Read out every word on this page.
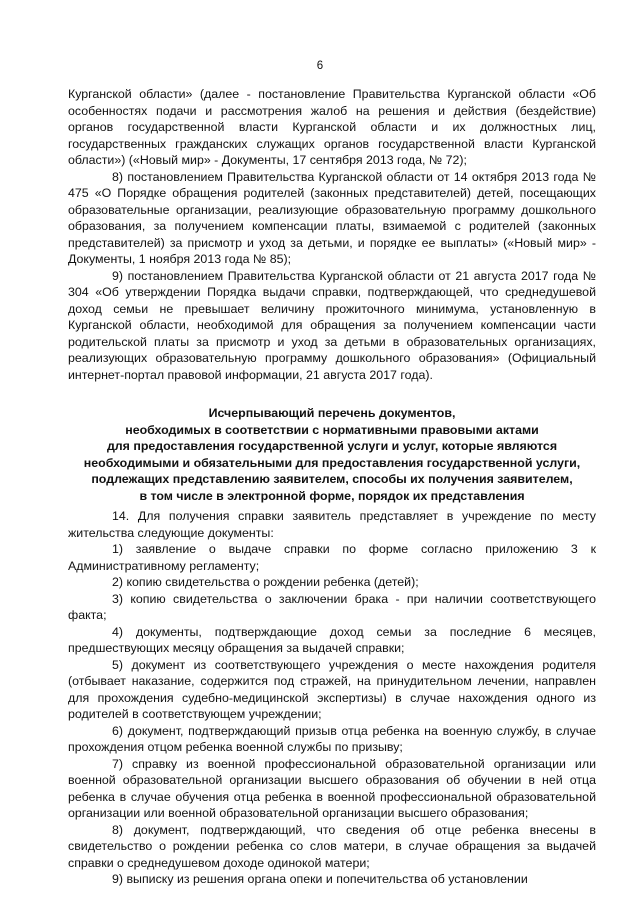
6

Курганской области» (далее - постановление Правительства Курганской области «Об особенностях подачи и рассмотрения жалоб на решения и действия (бездействие) органов государственной власти Курганской области и их должностных лиц, государственных гражданских служащих органов государственной власти Курганской области») («Новый мир» - Документы, 17 сентября 2013 года, № 72);

8) постановлением Правительства Курганской области от 14 октября 2013 года № 475 «О Порядке обращения родителей (законных представителей) детей, посещающих образовательные организации, реализующие образовательную программу дошкольного образования, за получением компенсации платы, взимаемой с родителей (законных представителей) за присмотр и уход за детьми, и порядке ее выплаты» («Новый мир» - Документы, 1 ноября 2013 года № 85);

9) постановлением Правительства Курганской области от 21 августа 2017 года № 304 «Об утверждении Порядка выдачи справки, подтверждающей, что среднедушевой доход семьи не превышает величину прожиточного минимума, установленную в Курганской области, необходимой для обращения за получением компенсации части родительской платы за присмотр и уход за детьми в образовательных организациях, реализующих образовательную программу дошкольного образования» (Официальный интернет-портал правовой информации, 21 августа 2017 года).

Исчерпывающий перечень документов,
необходимых в соответствии с нормативными правовыми актами
для предоставления государственной услуги и услуг, которые являются
необходимыми и обязательными для предоставления государственной услуги,
подлежащих представлению заявителем, способы их получения заявителем,
в том числе в электронной форме, порядок их представления

14. Для получения справки заявитель представляет в учреждение по месту жительства следующие документы:

1) заявление о выдаче справки по форме согласно приложению 3 к Административному регламенту;

2) копию свидетельства о рождении ребенка (детей);

3) копию свидетельства о заключении брака - при наличии соответствующего факта;

4) документы, подтверждающие доход семьи за последние 6 месяцев, предшествующих месяцу обращения за выдачей справки;

5) документ из соответствующего учреждения о месте нахождения родителя (отбывает наказание, содержится под стражей, на принудительном лечении, направлен для прохождения судебно-медицинской экспертизы) в случае нахождения одного из родителей в соответствующем учреждении;

6) документ, подтверждающий призыв отца ребенка на военную службу, в случае прохождения отцом ребенка военной службы по призыву;

7) справку из военной профессиональной образовательной организации или военной образовательной организации высшего образования об обучении в ней отца ребенка в случае обучения отца ребенка в военной профессиональной образовательной организации или военной образовательной организации высшего образования;

8) документ, подтверждающий, что сведения об отце ребенка внесены в свидетельство о рождении ребенка со слов матери, в случае обращения за выдачей справки о среднедушевом доходе одинокой матери;

9) выписку из решения органа опеки и попечительства об установлении
